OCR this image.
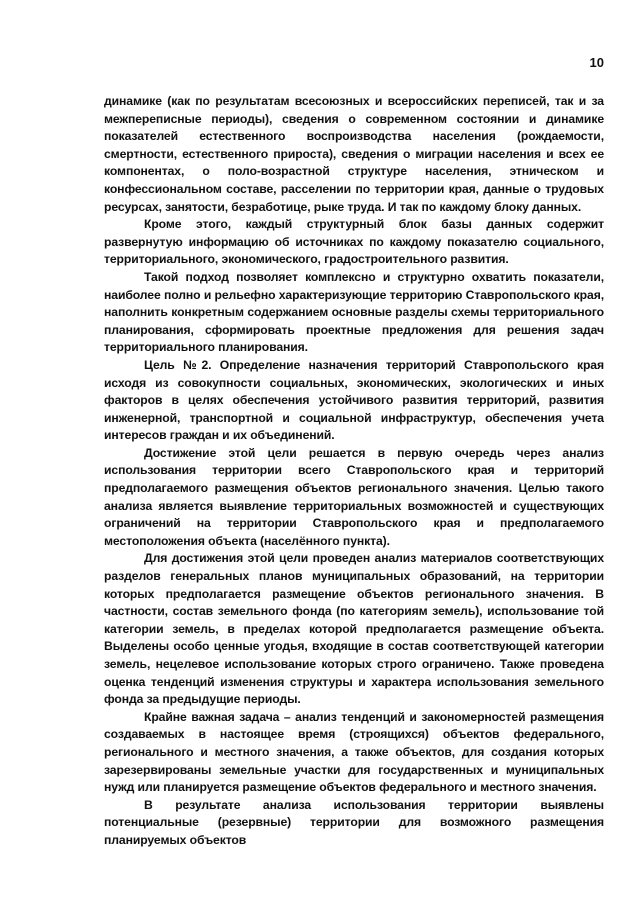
10

динамике (как по результатам всесоюзных и всероссийских переписей, так и за межпереписные периоды), сведения о современном состоянии и динамике показателей естественного воспроизводства населения (рождаемости, смертности, естественного прироста), сведения о миграции населения и всех ее компонентах, о поло-возрастной структуре населения, этническом и конфессиональном составе, расселении по территории края, данные о трудовых ресурсах, занятости, безработице, рыке труда. И так по каждому блоку данных.

Кроме этого, каждый структурный блок базы данных содержит развернутую информацию об источниках по каждому показателю социального, территориального, экономического, градостроительного развития.

Такой подход позволяет комплексно и структурно охватить показатели, наиболее полно и рельефно характеризующие территорию Ставропольского края, наполнить конкретным содержанием основные разделы схемы территориального планирования, сформировать проектные предложения для решения задач территориального планирования.

Цель №2. Определение назначения территорий Ставропольского края исходя из совокупности социальных, экономических, экологических и иных факторов в целях обеспечения устойчивого развития территорий, развития инженерной, транспортной и социальной инфраструктур, обеспечения учета интересов граждан и их объединений.

Достижение этой цели решается в первую очередь через анализ использования территории всего Ставропольского края и территорий предполагаемого размещения объектов регионального значения. Целью такого анализа является выявление территориальных возможностей и существующих ограничений на территории Ставропольского края и предполагаемого местоположения объекта (населённого пункта).

Для достижения этой цели проведен анализ материалов соответствующих разделов генеральных планов муниципальных образований, на территории которых предполагается размещение объектов регионального значения. В частности, состав земельного фонда (по категориям земель), использование той категории земель, в пределах которой предполагается размещение объекта. Выделены особо ценные угодья, входящие в состав соответствующей категории земель, нецелевое использование которых строго ограничено. Также проведена оценка тенденций изменения структуры и характера использования земельного фонда за предыдущие периоды.

Крайне важная задача – анализ тенденций и закономерностей размещения создаваемых в настоящее время (строящихся) объектов федерального, регионального и местного значения, а также объектов, для создания которых зарезервированы земельные участки для государственных и муниципальных нужд или планируется размещение объектов федерального и местного значения.

В результате анализа использования территории выявлены потенциальные (резервные) территории для возможного размещения планируемых объектов
